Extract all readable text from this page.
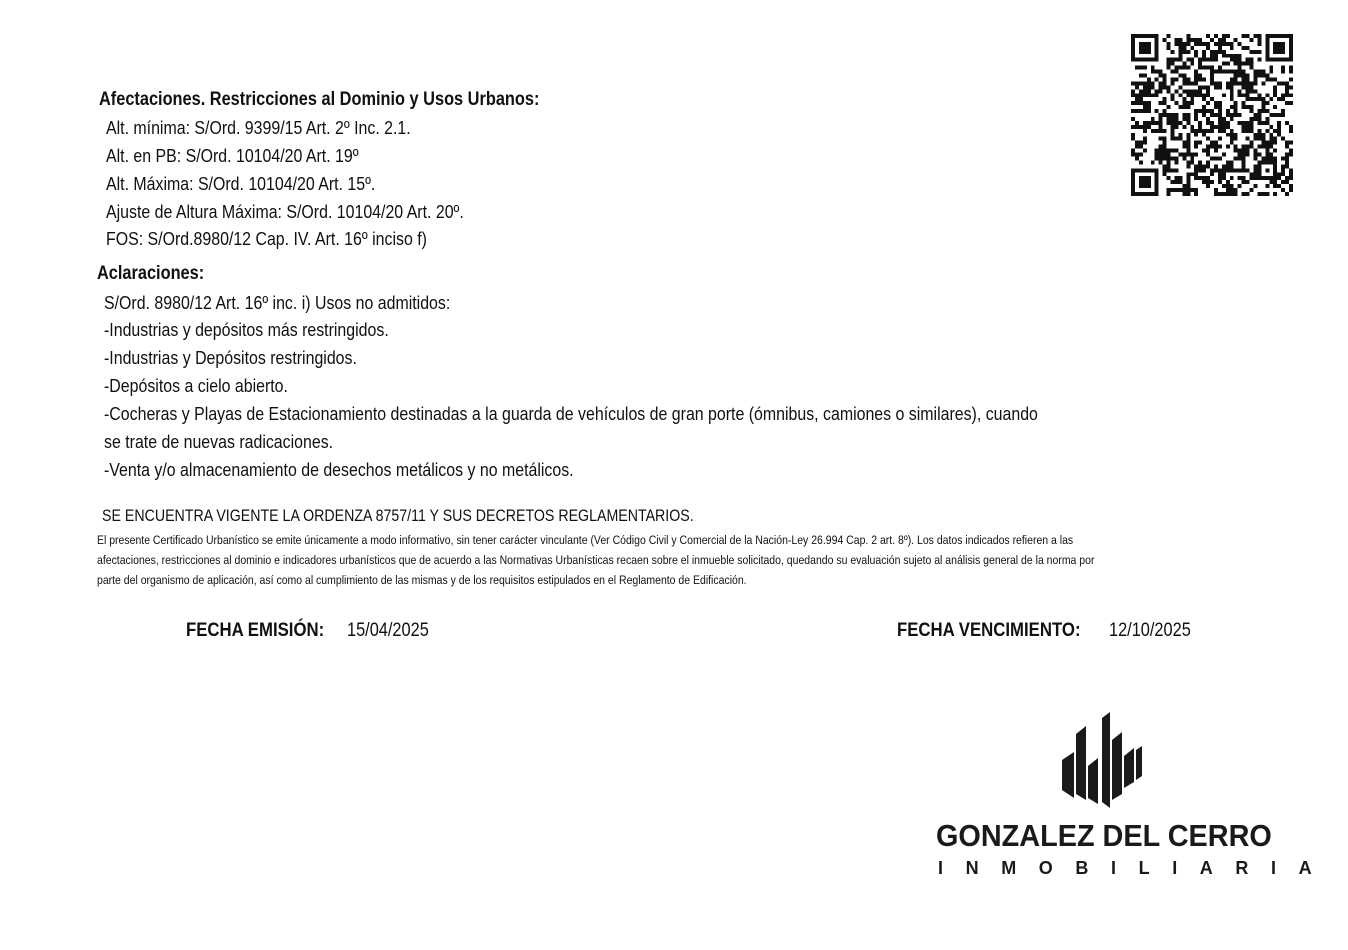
Afectaciones. Restricciones al Dominio y Usos Urbanos:
Alt. mínima: S/Ord. 9399/15 Art. 2º Inc. 2.1.
Alt. en PB: S/Ord. 10104/20 Art. 19º
Alt. Máxima: S/Ord. 10104/20 Art. 15º.
Ajuste de Altura Máxima: S/Ord. 10104/20 Art. 20º.
FOS: S/Ord.8980/12 Cap. IV. Art. 16º inciso f)
Aclaraciones:
S/Ord. 8980/12 Art. 16º inc. i) Usos no admitidos:
-Industrias y depósitos más restringidos.
-Industrias y Depósitos restringidos.
-Depósitos a cielo abierto.
-Cocheras y Playas de Estacionamiento destinadas a la guarda de vehículos de gran porte (ómnibus, camiones o similares), cuando
se trate de nuevas radicaciones.
-Venta y/o almacenamiento de desechos metálicos y no metálicos.
SE ENCUENTRA VIGENTE LA ORDENZA 8757/11 Y SUS DECRETOS REGLAMENTARIOS.
El presente Certificado Urbanístico se emite únicamente a modo informativo, sin tener carácter vinculante (Ver Código Civil y Comercial de la Nación-Ley 26.994 Cap. 2 art. 8º). Los datos indicados refieren a las
afectaciones, restricciones al dominio e indicadores urbanísticos que de acuerdo a las Normativas Urbanísticas recaen sobre el inmueble solicitado, quedando su evaluación sujeto al análisis general de la norma por
parte del organismo de aplicación, así como al cumplimiento de las mismas y de los requisitos estipulados en el Reglamento de Edificación.
FECHA EMISIÓN: 15/04/2025	FECHA VENCIMIENTO: 12/10/2025
GONZALEZ DEL CERRO
INMOBILIARIA
